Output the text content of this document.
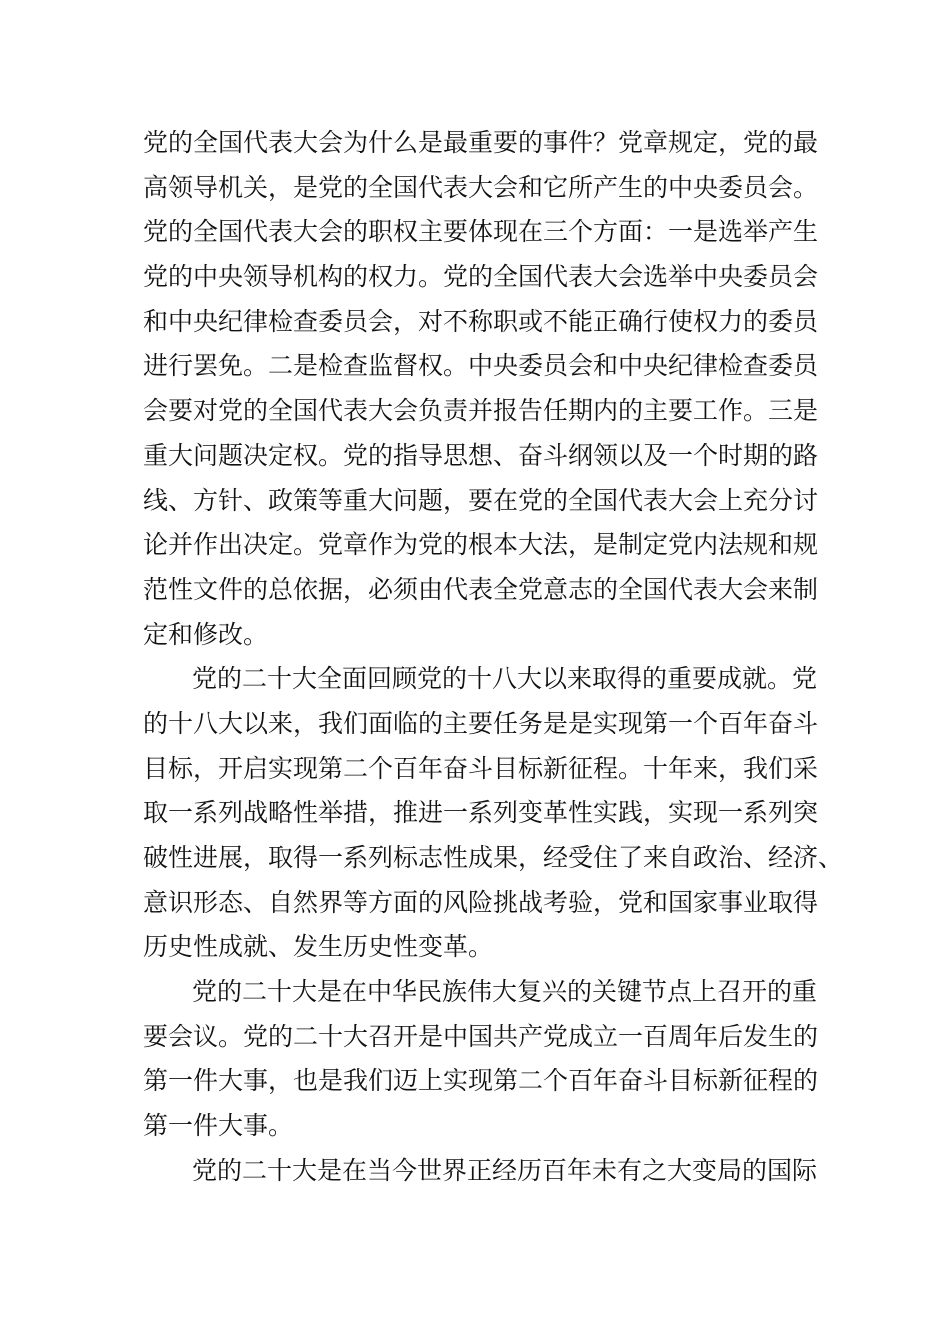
党的全国代表大会为什么是最重要的事件？党章规定，党的最
高领导机关，是党的全国代表大会和它所产生的中央委员会。
党的全国代表大会的职权主要体现在三个方面：一是选举产生
党的中央领导机构的权力。党的全国代表大会选举中央委员会
和中央纪律检查委员会，对不称职或不能正确行使权力的委员
进行罢免。二是检查监督权。中央委员会和中央纪律检查委员
会要对党的全国代表大会负责并报告任期内的主要工作。三是
重大问题决定权。党的指导思想、奋斗纲领以及一个时期的路
线、方针、政策等重大问题，要在党的全国代表大会上充分讨
论并作出决定。党章作为党的根本大法，是制定党内法规和规
范性文件的总依据，必须由代表全党意志的全国代表大会来制
定和修改。
党的二十大全面回顾党的十八大以来取得的重要成就。党
的十八大以来，我们面临的主要任务是是实现第一个百年奋斗
目标，开启实现第二个百年奋斗目标新征程。十年来，我们采
取一系列战略性举措，推进一系列变革性实践，实现一系列突
破性进展，取得一系列标志性成果，经受住了来自政治、经济、
意识形态、自然界等方面的风险挑战考验，党和国家事业取得
历史性成就、发生历史性变革。
党的二十大是在中华民族伟大复兴的关键节点上召开的重
要会议。党的二十大召开是中国共产党成立一百周年后发生的
第一件大事，也是我们迈上实现第二个百年奋斗目标新征程的
第一件大事。
党的二十大是在当今世界正经历百年未有之大变局的国际
